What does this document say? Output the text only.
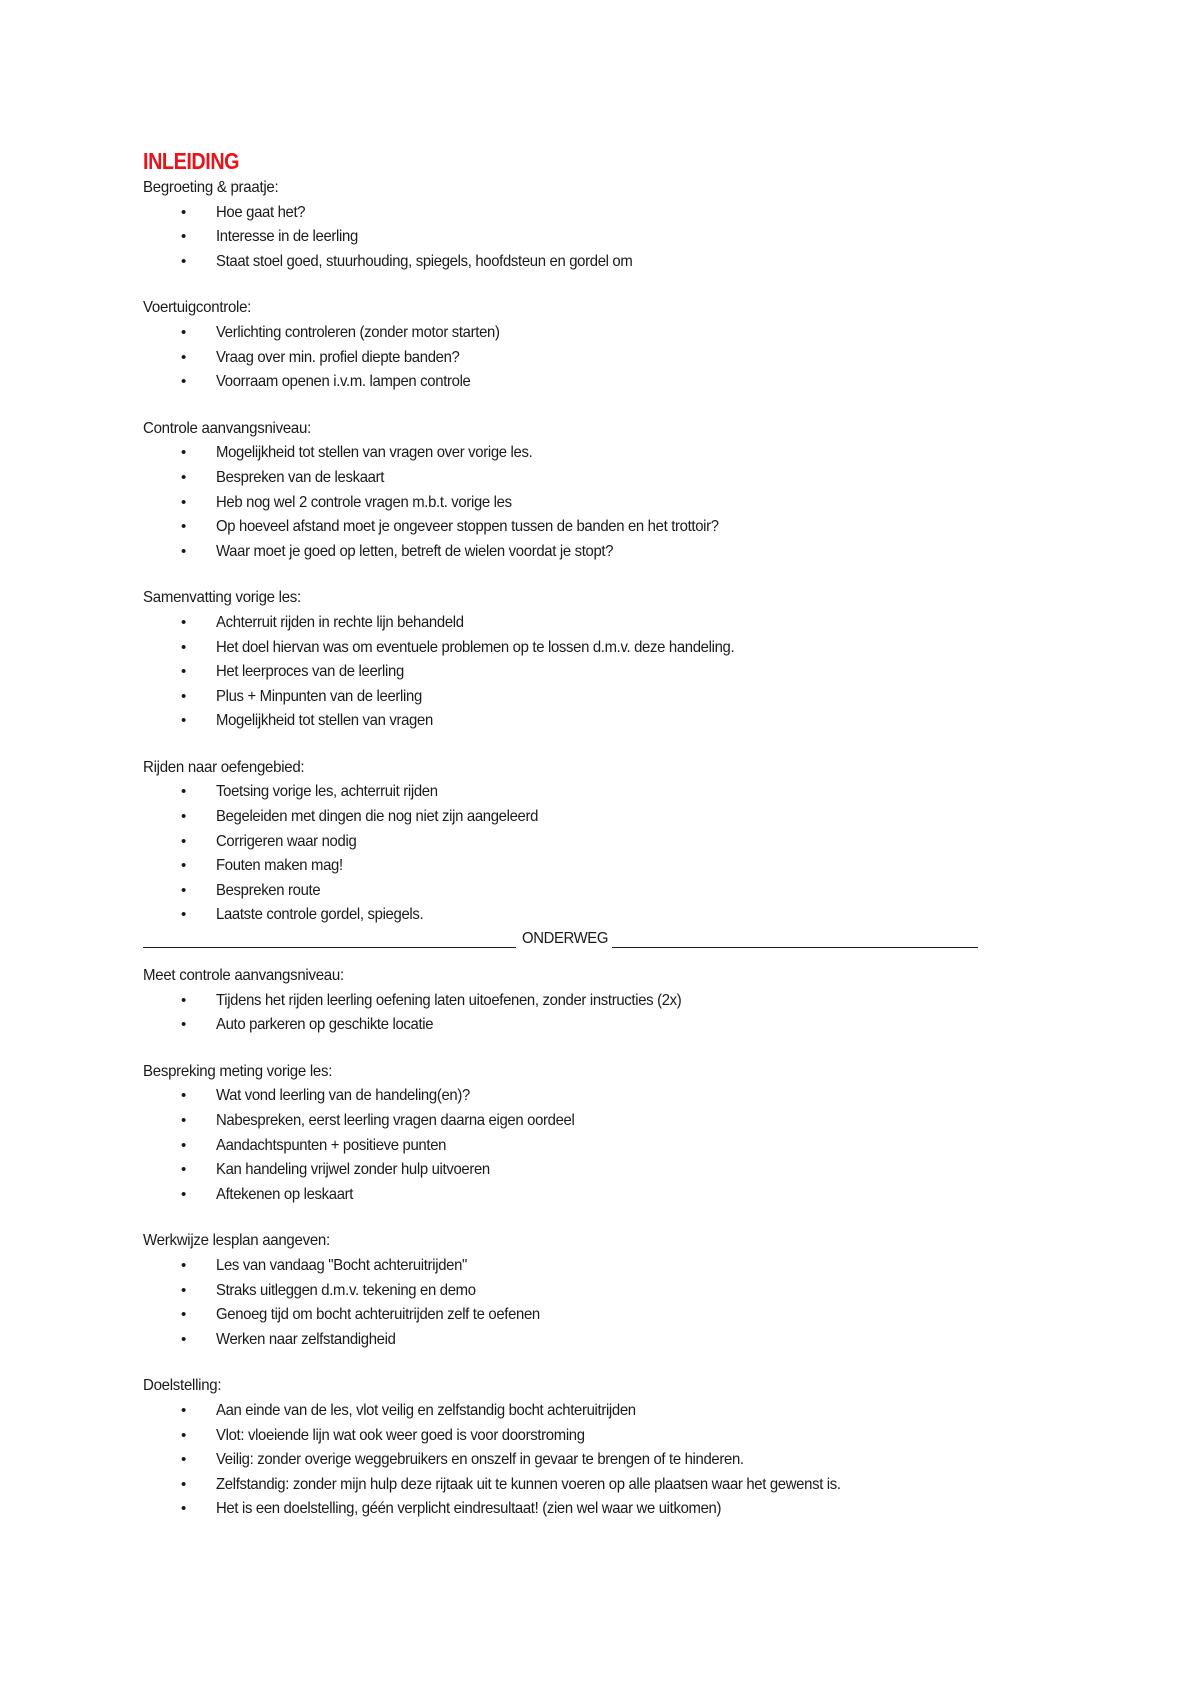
INLEIDING
Begroeting & praatje:
• Hoe gaat het?
• Interesse in de leerling
• Staat stoel goed, stuurhouding, spiegels, hoofdsteun en gordel om
Voertuigcontrole:
• Verlichting controleren (zonder motor starten)
• Vraag over min. profiel diepte banden?
• Voorraam openen i.v.m. lampen controle
Controle aanvangsniveau:
• Mogelijkheid tot stellen van vragen over vorige les.
• Bespreken van de leskaart
• Heb nog wel 2 controle vragen m.b.t. vorige les
• Op hoeveel afstand moet je ongeveer stoppen tussen de banden en het trottoir?
• Waar moet je goed op letten, betreft de wielen voordat je stopt?
Samenvatting vorige les:
• Achterruit rijden in rechte lijn behandeld
• Het doel hiervan was om eventuele problemen op te lossen d.m.v. deze handeling.
• Het leerproces van de leerling
• Plus + Minpunten van de leerling
• Mogelijkheid tot stellen van vragen
Rijden naar oefengebied:
• Toetsing vorige les, achterruit rijden
• Begeleiden met dingen die nog niet zijn aangeleerd
• Corrigeren waar nodig
• Fouten maken mag!
• Bespreken route
• Laatste controle gordel, spiegels.
ONDERWEG
Meet controle aanvangsniveau:
• Tijdens het rijden leerling oefening laten uitoefenen, zonder instructies (2x)
• Auto parkeren op geschikte locatie
Bespreking meting vorige les:
• Wat vond leerling van de handeling(en)?
• Nabespreken, eerst leerling vragen daarna eigen oordeel
• Aandachtspunten + positieve punten
• Kan handeling vrijwel zonder hulp uitvoeren
• Aftekenen op leskaart
Werkwijze lesplan aangeven:
• Les van vandaag "Bocht achteruitrijden"
• Straks uitleggen d.m.v. tekening en demo
• Genoeg tijd om bocht achteruitrijden zelf te oefenen
• Werken naar zelfstandigheid
Doelstelling:
• Aan einde van de les, vlot veilig en zelfstandig bocht achteruitrijden
• Vlot: vloeiende lijn wat ook weer goed is voor doorstroming
• Veilig: zonder overige weggebruikers en onszelf in gevaar te brengen of te hinderen.
• Zelfstandig: zonder mijn hulp deze rijtaak uit te kunnen voeren op alle plaatsen waar het gewenst is.
• Het is een doelstelling, géén verplicht eindresultaat! (zien wel waar we uitkomen)
